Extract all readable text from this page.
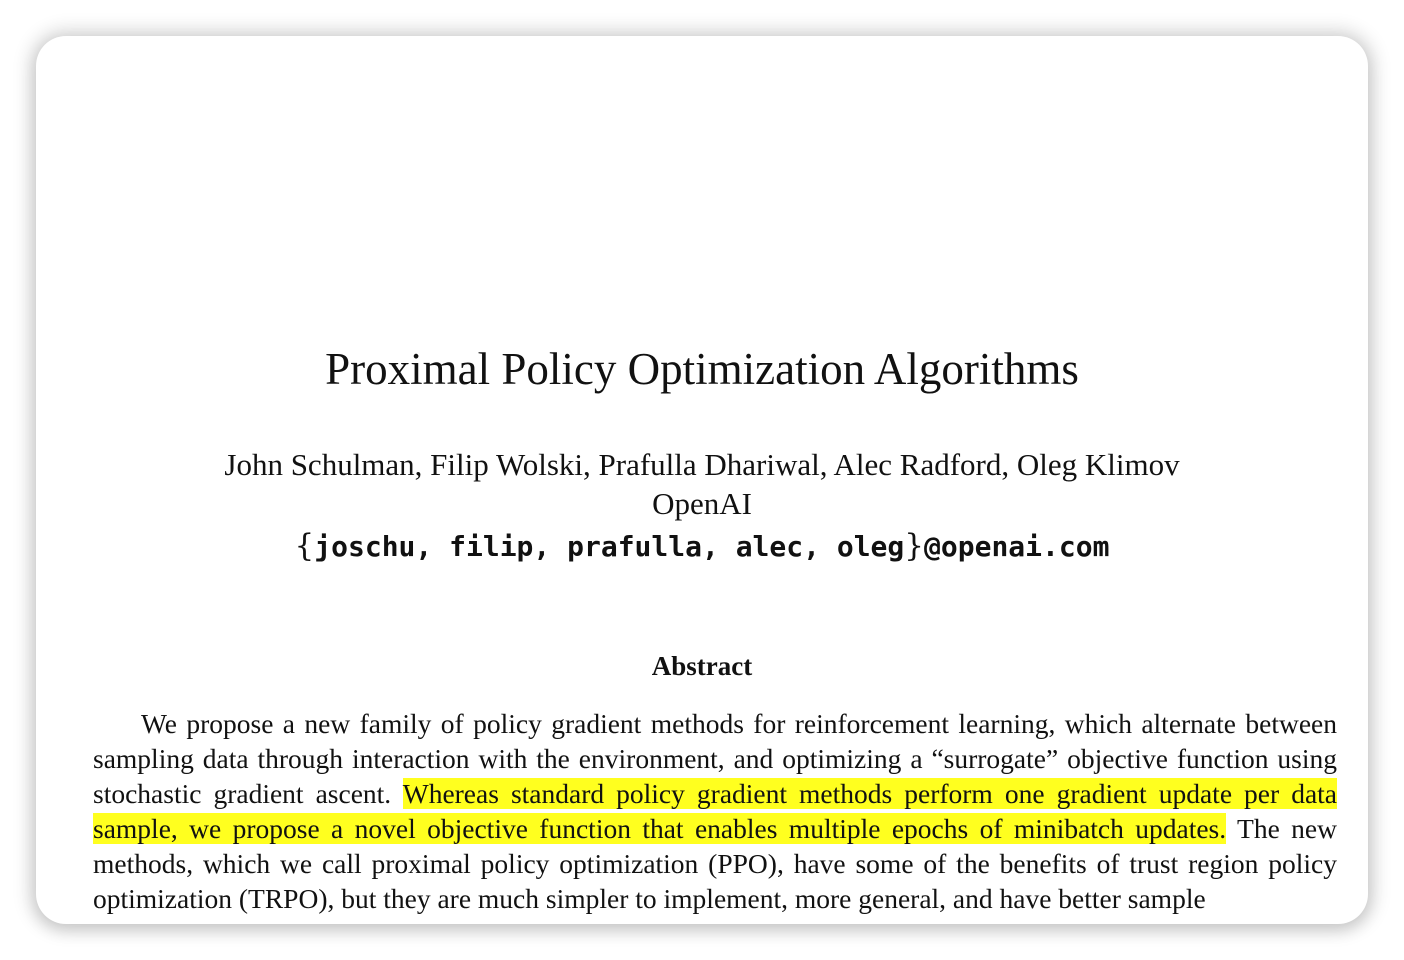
Proximal Policy Optimization Algorithms
John Schulman, Filip Wolski, Prafulla Dhariwal, Alec Radford, Oleg Klimov
OpenAI
{joschu, filip, prafulla, alec, oleg}@openai.com
Abstract

We propose a new family of policy gradient methods for reinforcement learning, which alternate between sampling data through interaction with the environment, and optimizing a “surrogate” objective function using stochastic gradient ascent. Whereas standard policy gradient methods perform one gradient update per data sample, we propose a novel objective function that enables multiple epochs of minibatch updates. The new methods, which we call proximal policy optimization (PPO), have some of the benefits of trust region policy optimization (TRPO), but they are much simpler to implement, more general, and have better sample
